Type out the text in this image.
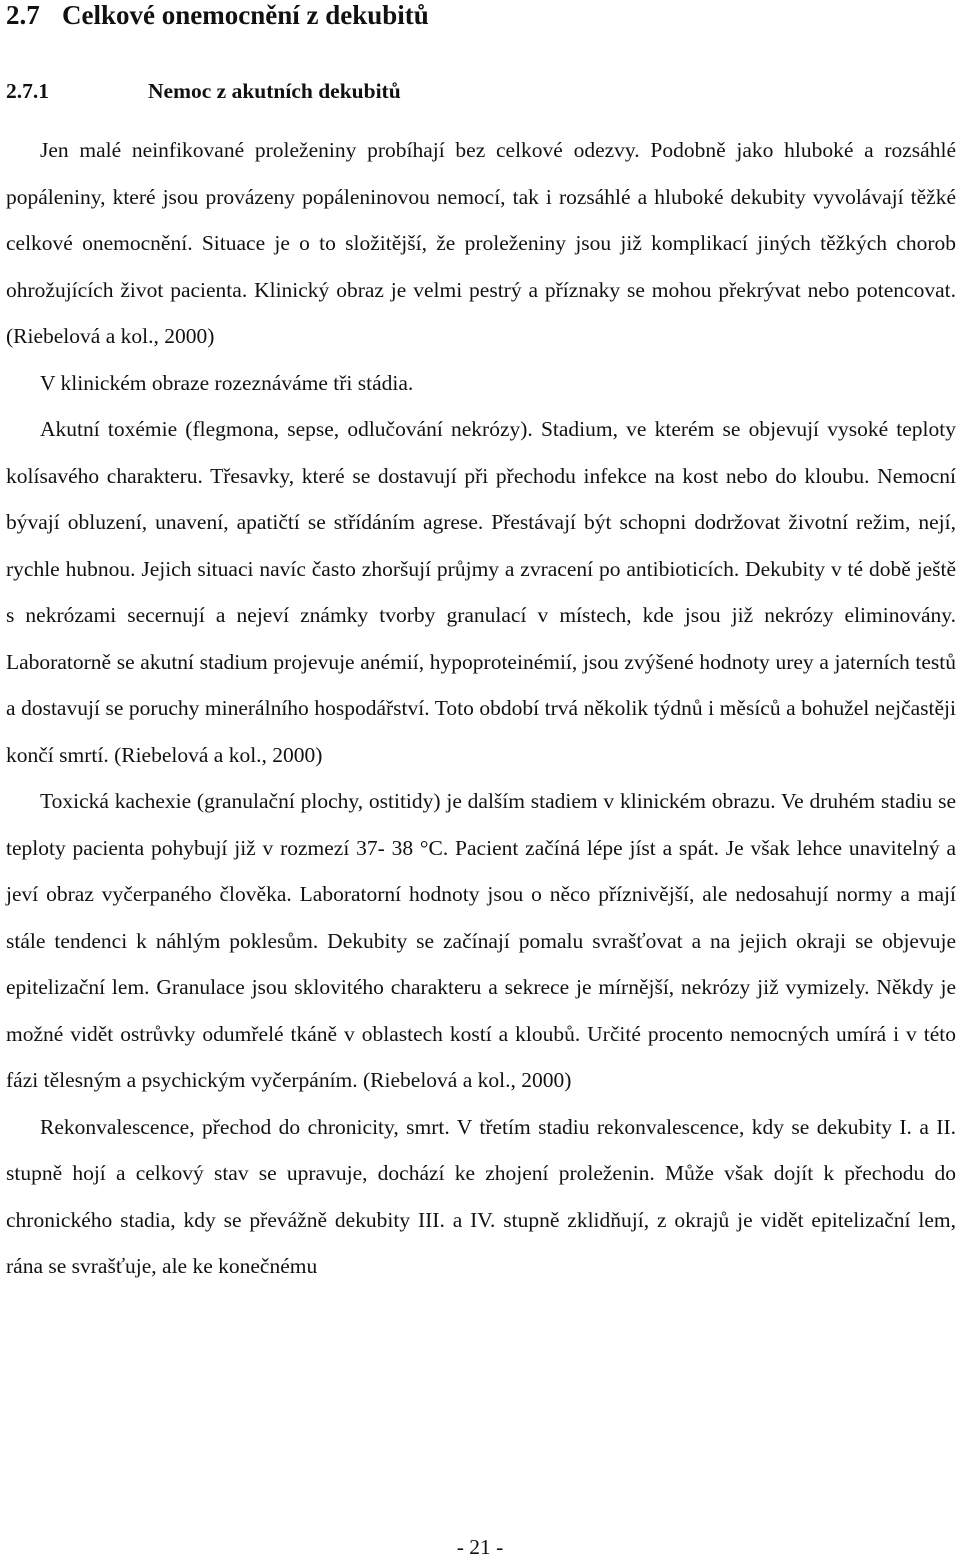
2.7 Celkové onemocnění z dekubitů
2.7.1	Nemoc z akutních dekubitů

Jen malé neinfikované proleženiny probíhají bez celkové odezvy. Podobně jako hluboké a rozsáhlé popáleniny, které jsou provázeny popáleninovou nemocí, tak i rozsáhlé a hluboké dekubity vyvolávají těžké celkové onemocnění. Situace je o to složitější, že proleženiny jsou již komplikací jiných těžkých chorob ohrožujících život pacienta. Klinický obraz je velmi pestrý a příznaky se mohou překrývat nebo potencovat. (Riebelová a kol., 2000)

V klinickém obraze rozeznáváme tři stádia.

Akutní toxémie (flegmona, sepse, odlučování nekrózy). Stadium, ve kterém se objevují vysoké teploty kolísavého charakteru. Třesavky, které se dostavují při přechodu infekce na kost nebo do kloubu. Nemocní bývají obluzení, unavení, apatičtí se střídáním agrese. Přestávají být schopni dodržovat životní režim, nejí, rychle hubnou. Jejich situaci navíc často zhoršují průjmy a zvracení po antibioticích. Dekubity v té době ještě s nekrózami secernují a nejeví známky tvorby granulací v místech, kde jsou již nekrózy eliminovány. Laboratorně se akutní stadium projevuje anémií, hypoproteinémií, jsou zvýšené hodnoty urey a jaterních testů a dostavují se poruchy minerálního hospodářství. Toto období trvá několik týdnů i měsíců a bohužel nejčastěji končí smrtí. (Riebelová a kol., 2000)

Toxická kachexie (granulační plochy, ostitidy) je dalším stadiem v klinickém obrazu. Ve druhém stadiu se teploty pacienta pohybují již v rozmezí 37- 38 °C. Pacient začíná lépe jíst a spát. Je však lehce unavitelný a jeví obraz vyčerpaného člověka. Laboratorní hodnoty jsou o něco příznivější, ale nedosahují normy a mají stále tendenci k náhlým poklesům. Dekubity se začínají pomalu svrašťovat a na jejich okraji se objevuje epitelizační lem. Granulace jsou sklovitého charakteru a sekrece je mírnější, nekrózy již vymizely. Někdy je možné vidět ostrůvky odumřelé tkáně v oblastech kostí a kloubů. Určité procento nemocných umírá i v této fázi tělesným a psychickým vyčerpáním. (Riebelová a kol., 2000)

Rekonvalescence, přechod do chronicity, smrt. V třetím stadiu rekonvalescence, kdy se dekubity I. a II. stupně hojí a celkový stav se upravuje, dochází ke zhojení proleženin. Může však dojít k přechodu do chronického stadia, kdy se převážně dekubity III. a IV. stupně zklidňují, z okrajů je vidět epitelizační lem, rána se svrašťuje, ale ke konečnému

- 21 -
